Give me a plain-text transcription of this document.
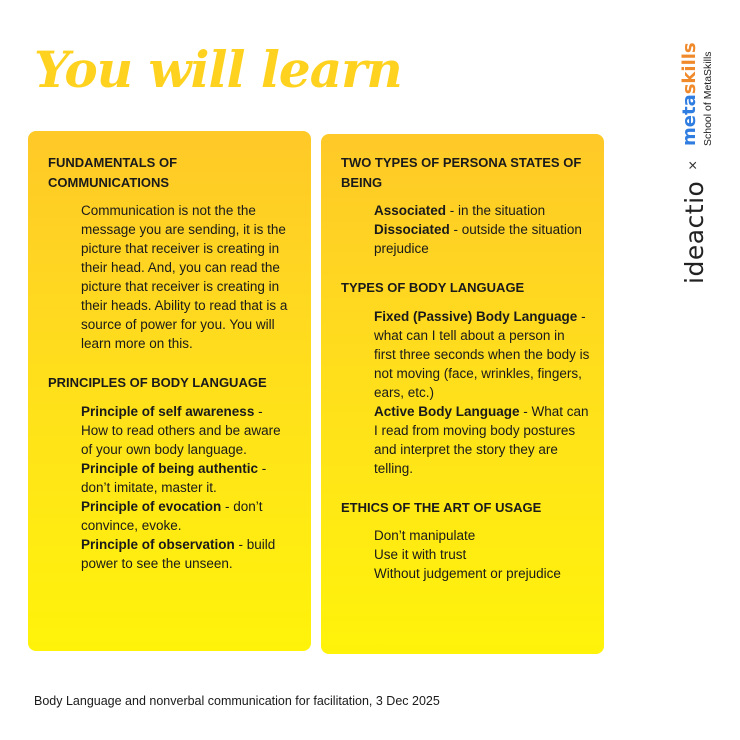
You will learn

FUNDAMENTALS OF COMMUNICATIONS

Communication is not the the message you are sending, it is the picture that receiver is creating in their head. And, you can read the picture that receiver is creating in their heads. Ability to read that is a source of power for you. You will learn more on this.

PRINCIPLES OF BODY LANGUAGE

Principle of self awareness - How to read others and be aware of your own body language.

Principle of being authentic - don’t imitate, master it.

Principle of evocation - don’t convince, evoke.

Principle of observation - build power to see the unseen.

TWO TYPES OF PERSONA STATES OF BEING

Associated - in the situation

Dissociated - outside the situation prejudice

TYPES OF BODY LANGUAGE

Fixed (Passive) Body Language - what can I tell about a person in first three seconds when the body is not moving (face, wrinkles, fingers, ears, etc.)

Active Body Language - What can I read from moving body postures and interpret the story they are telling.

ETHICS OF THE ART OF USAGE

Don’t manipulate

Use it with trust

Without judgement or prejudice

ideactio
×
metaskills School of MetaSkills

Body Language and nonverbal communication for facilitation, 3 Dec 2025
